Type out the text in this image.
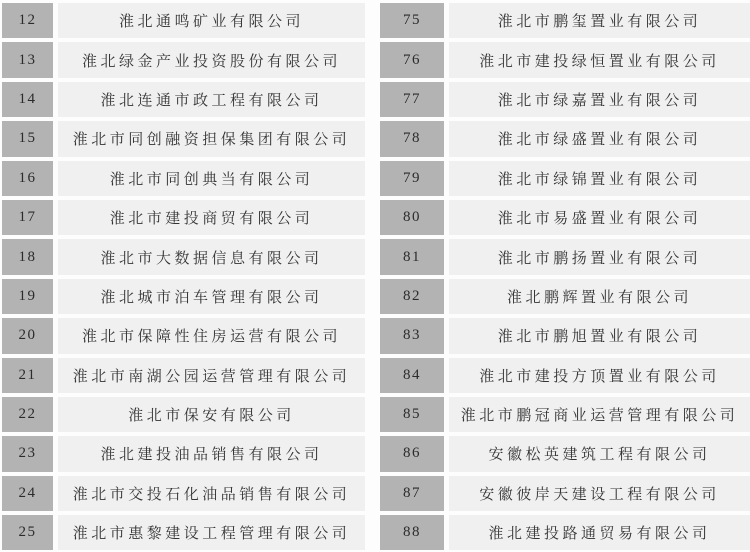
12	淮北通鸣矿业有限公司	75	淮北市鹏玺置业有限公司
13	淮北绿金产业投资股份有限公司	76	淮北市建投绿恒置业有限公司
14	淮北连通市政工程有限公司	77	淮北市绿嘉置业有限公司
15	淮北市同创融资担保集团有限公司	78	淮北市绿盛置业有限公司
16	淮北市同创典当有限公司	79	淮北市绿锦置业有限公司
17	淮北市建投商贸有限公司	80	淮北市易盛置业有限公司
18	淮北市大数据信息有限公司	81	淮北市鹏扬置业有限公司
19	淮北城市泊车管理有限公司	82	淮北鹏辉置业有限公司
20	淮北市保障性住房运营有限公司	83	淮北市鹏旭置业有限公司
21	淮北市南湖公园运营管理有限公司	84	淮北市建投方顶置业有限公司
22	淮北市保安有限公司	85	淮北市鹏冠商业运营管理有限公司
23	淮北建投油品销售有限公司	86	安徽松英建筑工程有限公司
24	淮北市交投石化油品销售有限公司	87	安徽彼岸天建设工程有限公司
25	淮北市惠黎建设工程管理有限公司	88	淮北建投路通贸易有限公司
